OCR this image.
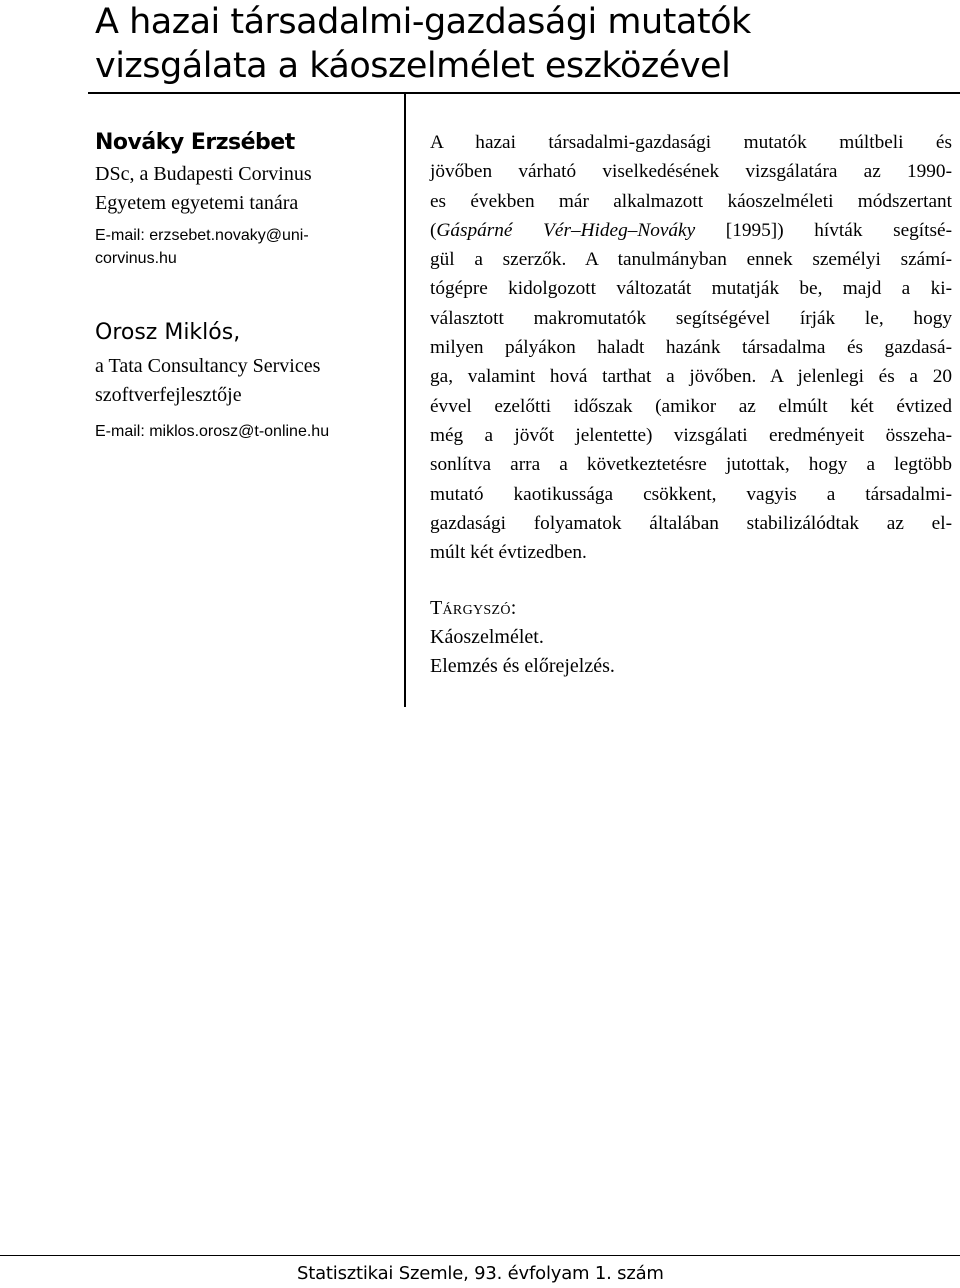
A hazai társadalmi-gazdasági mutatók
vizsgálata a káoszelmélet eszközével

Nováky Erzsébet

DSc, a Budapesti Corvinus
Egyetem egyetemi tanára

E-mail: erzsebet.novaky@uni-
corvinus.hu

Orosz Miklós,

a Tata Consultancy Services
szoftverfejlesztője

E-mail: miklos.orosz@t-online.hu

A hazai társadalmi-gazdasági mutatók múltbeli és
jövőben várható viselkedésének vizsgálatára az 1990-
es években már alkalmazott káoszelméleti módszertant
(Gáspárné Vér–Hideg–Nováky [1995]) hívták segítsé-
gül a szerzők. A tanulmányban ennek személyi számí-
tógépre kidolgozott változatát mutatják be, majd a ki-
választott makromutatók segítségével írják le, hogy
milyen pályákon haladt hazánk társadalma és gazdasá-
ga, valamint hová tarthat a jövőben. A jelenlegi és a 20
évvel ezelőtti időszak (amikor az elmúlt két évtized
még a jövőt jelentette) vizsgálati eredményeit összeha-
sonlítva arra a következtetésre jutottak, hogy a legtöbb
mutató kaotikussága csökkent, vagyis a társadalmi-
gazdasági folyamatok általában stabilizálódtak az el-
múlt két évtizedben.
Tárgyszó:
Káoszelmélet.
Elemzés és előrejelzés.
Statisztikai Szemle, 93. évfolyam 1. szám
